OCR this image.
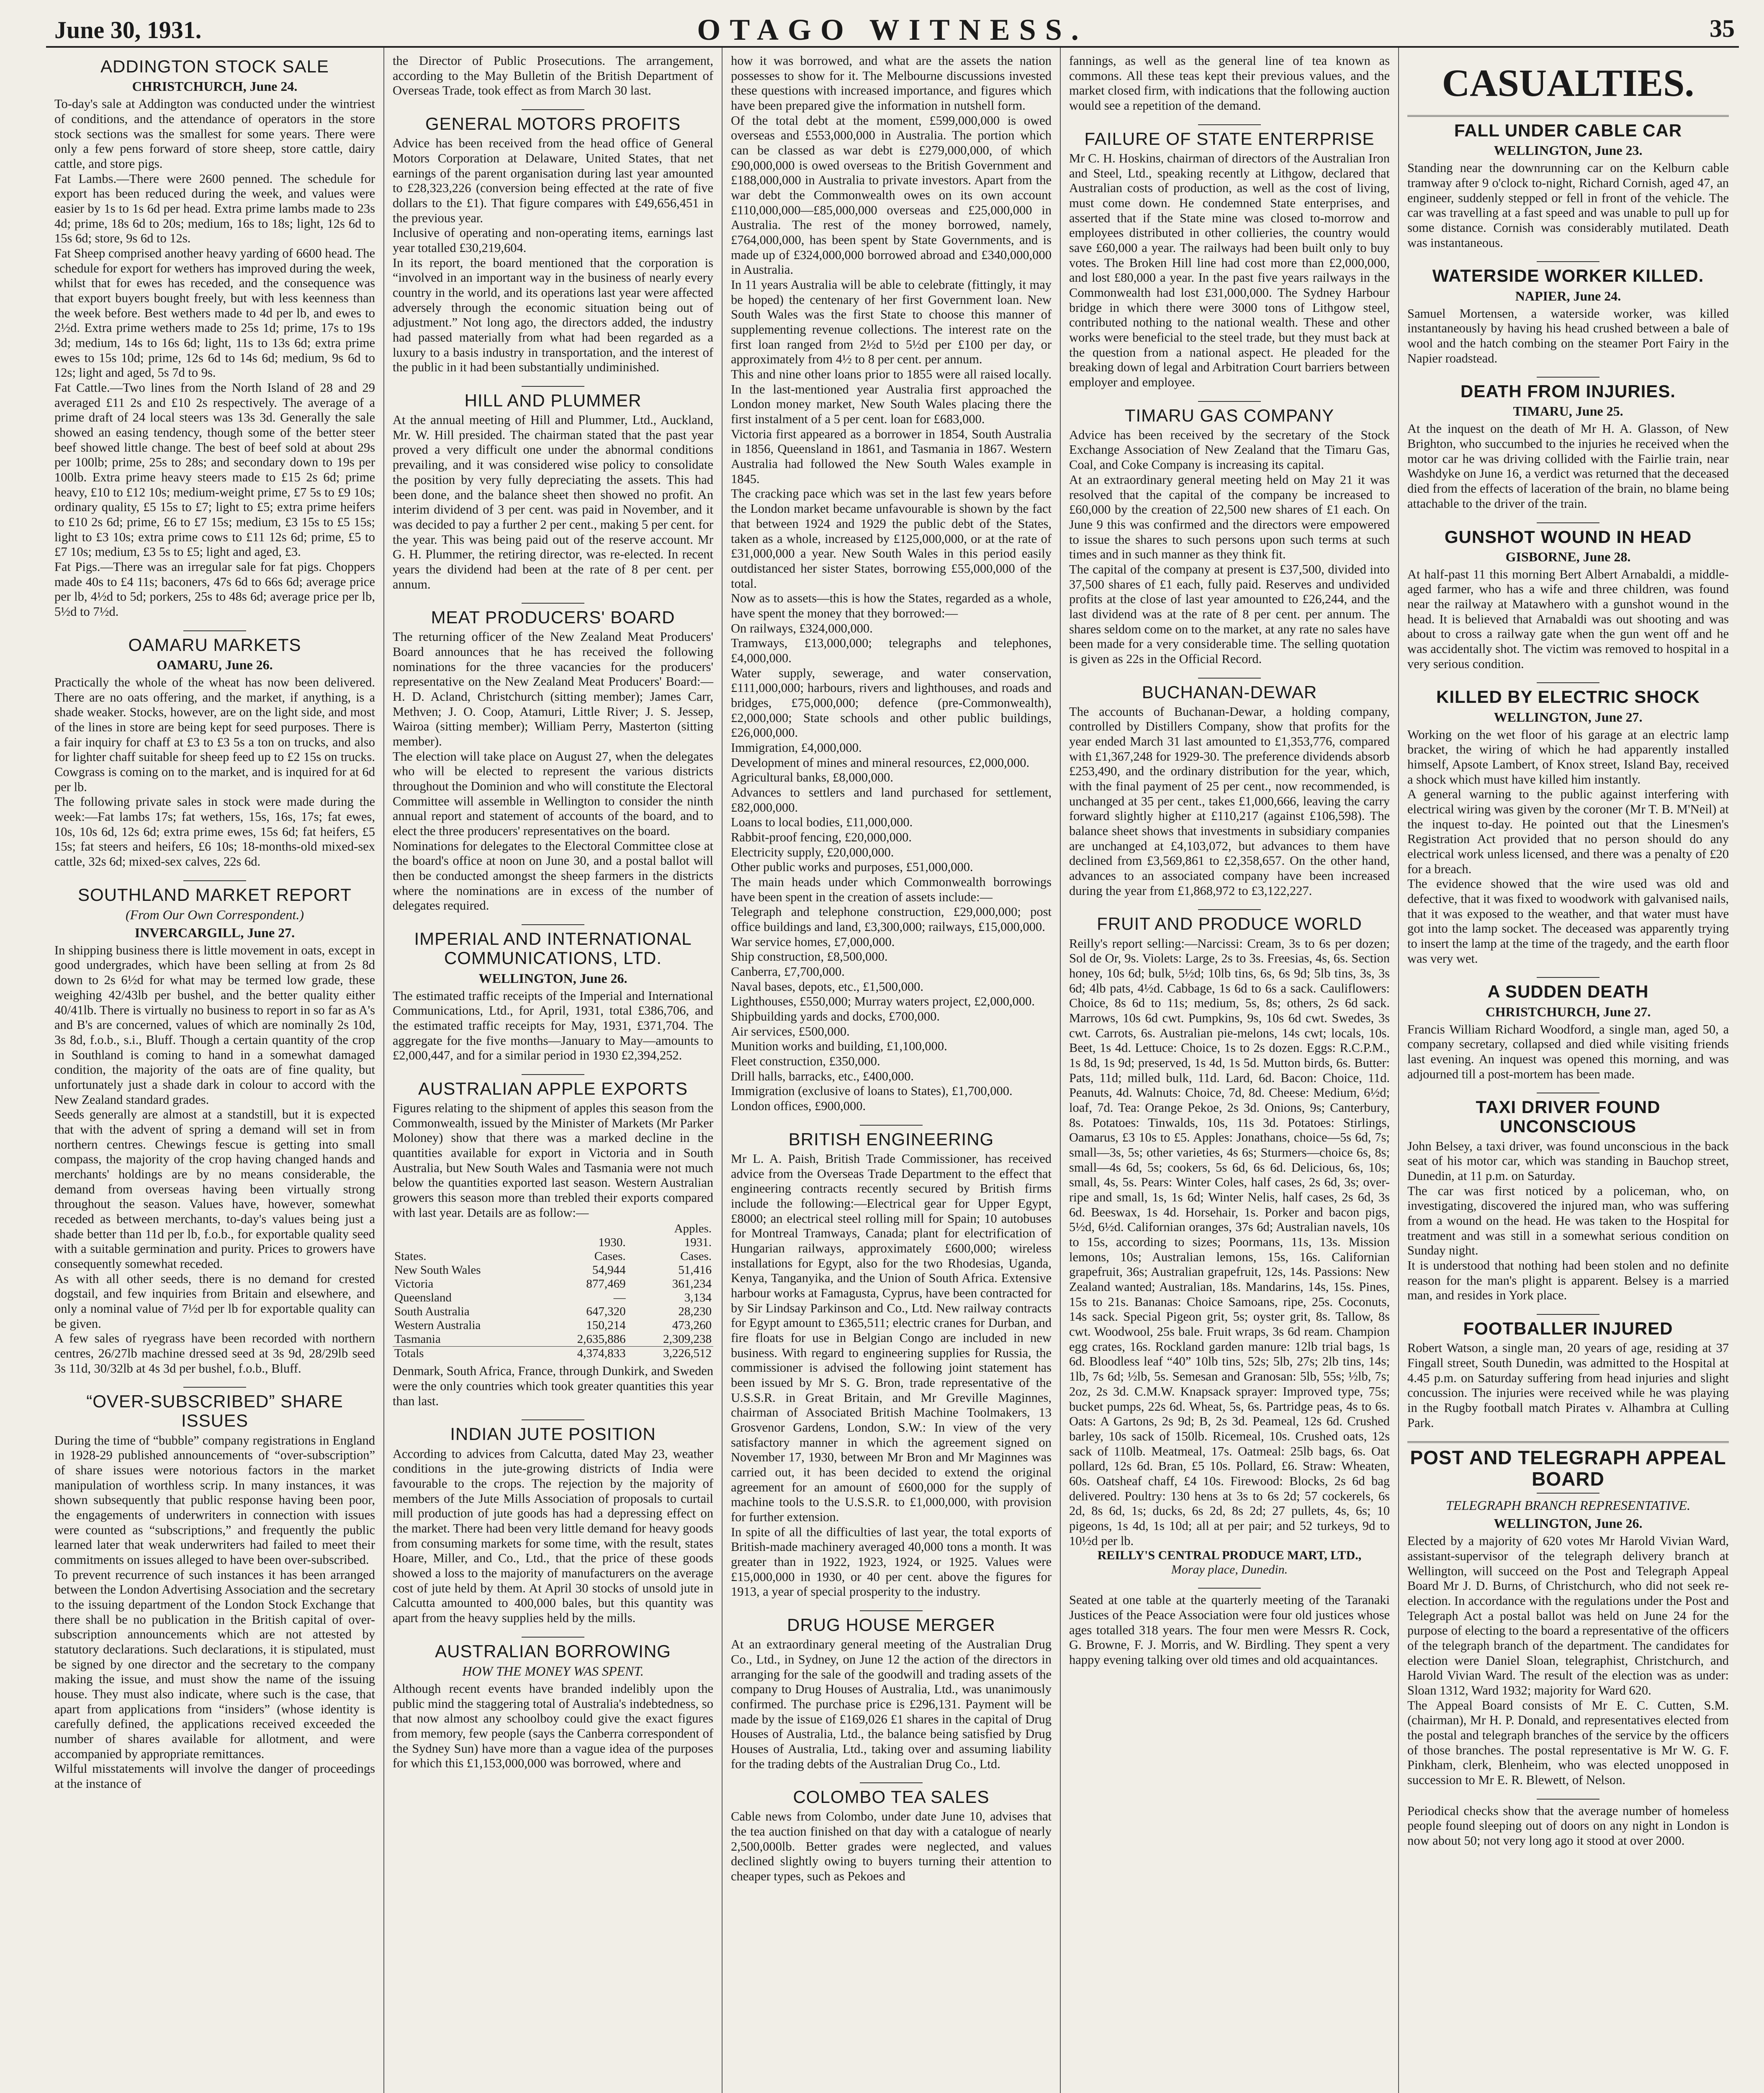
June 30, 1931.	OTAGO WITNESS.	35
ADDINGTON STOCK SALE
CHRISTCHURCH, June 24.
To-day's sale at Addington was conducted under the wintriest of conditions, and the attendance of operators in the store stock sections was the smallest for some years. There were only a few pens forward of store sheep, store cattle, dairy cattle, and store pigs.
Fat Lambs.—There were 2600 penned. The schedule for export has been reduced during the week, and values were easier by 1s to 1s 6d per head. Extra prime lambs made to 23s 4d; prime, 18s 6d to 20s; medium, 16s to 18s; light, 12s 6d to 15s 6d; store, 9s 6d to 12s.
Fat Sheep comprised another heavy yarding of 6600 head. The schedule for export for wethers has improved during the week, whilst that for ewes has receded, and the consequence was that export buyers bought freely, but with less keenness than the week before. Best wethers made to 4d per lb, and ewes to 2½d. Extra prime wethers made to 25s 1d; prime, 17s to 19s 3d; medium, 14s to 16s 6d; light, 11s to 13s 6d; extra prime ewes to 15s 10d; prime, 12s 6d to 14s 6d; medium, 9s 6d to 12s; light and aged, 5s 7d to 9s.
Fat Cattle.—Two lines from the North Island of 28 and 29 averaged £11 2s and £10 2s respectively. The average of a prime draft of 24 local steers was 13s 3d. Generally the sale showed an easing tendency, though some of the better steer beef showed little change. The best of beef sold at about 29s per 100lb; prime, 25s to 28s; and secondary down to 19s per 100lb. Extra prime heavy steers made to £15 2s 6d; prime heavy, £10 to £12 10s; medium-weight prime, £7 5s to £9 10s; ordinary quality, £5 15s to £7; light to £5; extra prime heifers to £10 2s 6d; prime, £6 to £7 15s; medium, £3 15s to £5 15s; light to £3 10s; extra prime cows to £11 12s 6d; prime, £5 to £7 10s; medium, £3 5s to £5; light and aged, £3.
Fat Pigs.—There was an irregular sale for fat pigs. Choppers made 40s to £4 11s; baconers, 47s 6d to 66s 6d; average price per lb, 4½d to 5d; porkers, 25s to 48s 6d; average price per lb, 5½d to 7½d.
OAMARU MARKETS
OAMARU, June 26.
Practically the whole of the wheat has now been delivered. There are no oats offering, and the market, if anything, is a shade weaker. Stocks, however, are on the light side, and most of the lines in store are being kept for seed purposes. There is a fair inquiry for chaff at £3 to £3 5s a ton on trucks, and also for lighter chaff suitable for sheep feed up to £2 15s on trucks. Cowgrass is coming on to the market, and is inquired for at 6d per lb.
The following private sales in stock were made during the week:—Fat lambs 17s; fat wethers, 15s, 16s, 17s; fat ewes, 10s, 10s 6d, 12s 6d; extra prime ewes, 15s 6d; fat heifers, £5 15s; fat steers and heifers, £6 10s; 18-months-old mixed-sex cattle, 32s 6d; mixed-sex calves, 22s 6d.
SOUTHLAND MARKET REPORT
(From Our Own Correspondent.)
INVERCARGILL, June 27.
In shipping business there is little movement in oats, except in good undergrades, which have been selling at from 2s 8d down to 2s 6½d for what may be termed low grade, these weighing 42/43lb per bushel, and the better quality either 40/41lb. There is virtually no business to report in so far as A's and B's are concerned, values of which are nominally 2s 10d, 3s 8d, f.o.b., s.i., Bluff. Though a certain quantity of the crop in Southland is coming to hand in a somewhat damaged condition, the majority of the oats are of fine quality, but unfortunately just a shade dark in colour to accord with the New Zealand standard grades.
Seeds generally are almost at a standstill, but it is expected that with the advent of spring a demand will set in from northern centres. Chewings fescue is getting into small compass, the majority of the crop having changed hands and merchants' holdings are by no means considerable, the demand from overseas having been virtually strong throughout the season. Values have, however, somewhat receded as between merchants, to-day's values being just a shade better than 11d per lb, f.o.b., for exportable quality seed with a suitable germination and purity. Prices to growers have consequently somewhat receded.
As with all other seeds, there is no demand for crested dogstail, and few inquiries from Britain and elsewhere, and only a nominal value of 7½d per lb for exportable quality can be given.
A few sales of ryegrass have been recorded with northern centres, 26/27lb machine dressed seed at 3s 9d, 28/29lb seed 3s 11d, 30/32lb at 4s 3d per bushel, f.o.b., Bluff.
“OVER-SUBSCRIBED” SHARE ISSUES
During the time of “bubble” company registrations in England in 1928-29 published announcements of “over-subscription” of share issues were notorious factors in the market manipulation of worthless scrip. In many instances, it was shown subsequently that public response having been poor, the engagements of underwriters in connection with issues were counted as “subscriptions,” and frequently the public learned later that weak underwriters had failed to meet their commitments on issues alleged to have been over-subscribed.
To prevent recurrence of such instances it has been arranged between the London Advertising Association and the secretary to the issuing department of the London Stock Exchange that there shall be no publication in the British capital of over-subscription announcements which are not attested by statutory declarations. Such declarations, it is stipulated, must be signed by one director and the secretary to the company making the issue, and must show the name of the issuing house. They must also indicate, where such is the case, that apart from applications from “insiders” (whose identity is carefully defined, the applications received exceeded the number of shares available for allotment, and were accompanied by appropriate remittances.
Wilful misstatements will involve the danger of proceedings at the instance of
the Director of Public Prosecutions. The arrangement, according to the May Bulletin of the British Department of Overseas Trade, took effect as from March 30 last.
GENERAL MOTORS PROFITS
Advice has been received from the head office of General Motors Corporation at Delaware, United States, that net earnings of the parent organisation during last year amounted to £28,323,226 (conversion being effected at the rate of five dollars to the £1). That figure compares with £49,656,451 in the previous year.
Inclusive of operating and non-operating items, earnings last year totalled £30,219,604.
In its report, the board mentioned that the corporation is “involved in an important way in the business of nearly every country in the world, and its operations last year were affected adversely through the economic situation being out of adjustment.” Not long ago, the directors added, the industry had passed materially from what had been regarded as a luxury to a basis industry in transportation, and the interest of the public in it had been substantially undiminished.
HILL AND PLUMMER
At the annual meeting of Hill and Plummer, Ltd., Auckland, Mr. W. Hill presided. The chairman stated that the past year proved a very difficult one under the abnormal conditions prevailing, and it was considered wise policy to consolidate the position by very fully depreciating the assets. This had been done, and the balance sheet then showed no profit. An interim dividend of 3 per cent. was paid in November, and it was decided to pay a further 2 per cent., making 5 per cent. for the year. This was being paid out of the reserve account. Mr G. H. Plummer, the retiring director, was re-elected. In recent years the dividend had been at the rate of 8 per cent. per annum.
MEAT PRODUCERS' BOARD
The returning officer of the New Zealand Meat Producers' Board announces that he has received the following nominations for the three vacancies for the producers' representative on the New Zealand Meat Producers' Board:—H. D. Acland, Christchurch (sitting member); James Carr, Methven; J. O. Coop, Atamuri, Little River; J. S. Jessep, Wairoa (sitting member); William Perry, Masterton (sitting member).
The election will take place on August 27, when the delegates who will be elected to represent the various districts throughout the Dominion and who will constitute the Electoral Committee will assemble in Wellington to consider the ninth annual report and statement of accounts of the board, and to elect the three producers' representatives on the board.
Nominations for delegates to the Electoral Committee close at the board's office at noon on June 30, and a postal ballot will then be conducted amongst the sheep farmers in the districts where the nominations are in excess of the number of delegates required.
IMPERIAL AND INTERNATIONAL COMMUNICATIONS, LTD.
WELLINGTON, June 26.
The estimated traffic receipts of the Imperial and International Communications, Ltd., for April, 1931, total £386,706, and the estimated traffic receipts for May, 1931, £371,704. The aggregate for the five months—January to May—amounts to £2,000,447, and for a similar period in 1930 £2,394,252.
AUSTRALIAN APPLE EXPORTS
Figures relating to the shipment of apples this season from the Commonwealth, issued by the Minister of Markets (Mr Parker Moloney) show that there was a marked decline in the quantities available for export in Victoria and in South Australia, but New South Wales and Tasmania were not much below the quantities exported last season. Western Australian growers this season more than trebled their exports compared with last year. Details are as follow:—
		Apples.
	1930.	1931.
States.	Cases.	Cases.
New South Wales	54,944	51,416
Victoria	877,469	361,234
Queensland	—	3,134
South Australia	647,320	28,230
Western Australia	150,214	473,260
Tasmania	2,635,886	2,309,238
Totals	4,374,833	3,226,512
Denmark, South Africa, France, through Dunkirk, and Sweden were the only countries which took greater quantities this year than last.
INDIAN JUTE POSITION
According to advices from Calcutta, dated May 23, weather conditions in the jute-growing districts of India were favourable to the crops. The rejection by the majority of members of the Jute Mills Association of proposals to curtail mill production of jute goods has had a depressing effect on the market. There had been very little demand for heavy goods from consuming markets for some time, with the result, states Hoare, Miller, and Co., Ltd., that the price of these goods showed a loss to the majority of manufacturers on the average cost of jute held by them. At April 30 stocks of unsold jute in Calcutta amounted to 400,000 bales, but this quantity was apart from the heavy supplies held by the mills.
AUSTRALIAN BORROWING
HOW THE MONEY WAS SPENT.
Although recent events have branded indelibly upon the public mind the staggering total of Australia's indebtedness, so that now almost any schoolboy could give the exact figures from memory, few people (says the Canberra correspondent of the Sydney Sun) have more than a vague idea of the purposes for which this £1,153,000,000 was borrowed, where and
how it was borrowed, and what are the assets the nation possesses to show for it. The Melbourne discussions invested these questions with increased importance, and figures which have been prepared give the information in nutshell form.
Of the total debt at the moment, £599,000,000 is owed overseas and £553,000,000 in Australia. The portion which can be classed as war debt is £279,000,000, of which £90,000,000 is owed overseas to the British Government and £188,000,000 in Australia to private investors. Apart from the war debt the Commonwealth owes on its own account £110,000,000—£85,000,000 overseas and £25,000,000 in Australia. The rest of the money borrowed, namely, £764,000,000, has been spent by State Governments, and is made up of £324,000,000 borrowed abroad and £340,000,000 in Australia.
In 11 years Australia will be able to celebrate (fittingly, it may be hoped) the centenary of her first Government loan. New South Wales was the first State to choose this manner of supplementing revenue collections. The interest rate on the first loan ranged from 2½d to 5½d per £100 per day, or approximately from 4½ to 8 per cent. per annum.
This and nine other loans prior to 1855 were all raised locally. In the last-mentioned year Australia first approached the London money market, New South Wales placing there the first instalment of a 5 per cent. loan for £683,000.
Victoria first appeared as a borrower in 1854, South Australia in 1856, Queensland in 1861, and Tasmania in 1867. Western Australia had followed the New South Wales example in 1845.
The cracking pace which was set in the last few years before the London market became unfavourable is shown by the fact that between 1924 and 1929 the public debt of the States, taken as a whole, increased by £125,000,000, or at the rate of £31,000,000 a year. New South Wales in this period easily outdistanced her sister States, borrowing £55,000,000 of the total.
Now as to assets—this is how the States, regarded as a whole, have spent the money that they borrowed:—
On railways, £324,000,000.
Tramways, £13,000,000; telegraphs and telephones, £4,000,000.
Water supply, sewerage, and water conservation, £111,000,000; harbours, rivers and lighthouses, and roads and bridges, £75,000,000; defence (pre-Commonwealth), £2,000,000; State schools and other public buildings, £26,000,000.
Immigration, £4,000,000.
Development of mines and mineral resources, £2,000,000.
Agricultural banks, £8,000,000.
Advances to settlers and land purchased for settlement, £82,000,000.
Loans to local bodies, £11,000,000.
Rabbit-proof fencing, £20,000,000.
Electricity supply, £20,000,000.
Other public works and purposes, £51,000,000.
The main heads under which Commonwealth borrowings have been spent in the creation of assets include:—
Telegraph and telephone construction, £29,000,000; post office buildings and land, £3,300,000; railways, £15,000,000.
War service homes, £7,000,000.
Ship construction, £8,500,000.
Canberra, £7,700,000.
Naval bases, depots, etc., £1,500,000.
Lighthouses, £550,000; Murray waters project, £2,000,000.
Shipbuilding yards and docks, £700,000.
Air services, £500,000.
Munition works and building, £1,100,000.
Fleet construction, £350,000.
Drill halls, barracks, etc., £400,000.
Immigration (exclusive of loans to States), £1,700,000.
London offices, £900,000.
BRITISH ENGINEERING
Mr L. A. Paish, British Trade Commissioner, has received advice from the Overseas Trade Department to the effect that engineering contracts recently secured by British firms include the following:—Electrical gear for Upper Egypt, £8000; an electrical steel rolling mill for Spain; 10 autobuses for Montreal Tramways, Canada; plant for electrification of Hungarian railways, approximately £600,000; wireless installations for Egypt, also for the two Rhodesias, Uganda, Kenya, Tanganyika, and the Union of South Africa. Extensive harbour works at Famagusta, Cyprus, have been contracted for by Sir Lindsay Parkinson and Co., Ltd. New railway contracts for Egypt amount to £365,511; electric cranes for Durban, and fire floats for use in Belgian Congo are included in new business. With regard to engineering supplies for Russia, the commissioner is advised the following joint statement has been issued by Mr S. G. Bron, trade representative of the U.S.S.R. in Great Britain, and Mr Greville Maginnes, chairman of Associated British Machine Toolmakers, 13 Grosvenor Gardens, London, S.W.: In view of the very satisfactory manner in which the agreement signed on November 17, 1930, between Mr Bron and Mr Maginnes was carried out, it has been decided to extend the original agreement for an amount of £600,000 for the supply of machine tools to the U.S.S.R. to £1,000,000, with provision for further extension.
In spite of all the difficulties of last year, the total exports of British-made machinery averaged 40,000 tons a month. It was greater than in 1922, 1923, 1924, or 1925. Values were £15,000,000 in 1930, or 40 per cent. above the figures for 1913, a year of special prosperity to the industry.
DRUG HOUSE MERGER
At an extraordinary general meeting of the Australian Drug Co., Ltd., in Sydney, on June 12 the action of the directors in arranging for the sale of the goodwill and trading assets of the company to Drug Houses of Australia, Ltd., was unanimously confirmed. The purchase price is £296,131. Payment will be made by the issue of £169,026 £1 shares in the capital of Drug Houses of Australia, Ltd., the balance being satisfied by Drug Houses of Australia, Ltd., taking over and assuming liability for the trading debts of the Australian Drug Co., Ltd.
COLOMBO TEA SALES
Cable news from Colombo, under date June 10, advises that the tea auction finished on that day with a catalogue of nearly 2,500,000lb. Better grades were neglected, and values declined slightly owing to buyers turning their attention to cheaper types, such as Pekoes and
fannings, as well as the general line of tea known as commons. All these teas kept their previous values, and the market closed firm, with indications that the following auction would see a repetition of the demand.
FAILURE OF STATE ENTERPRISE
Mr C. H. Hoskins, chairman of directors of the Australian Iron and Steel, Ltd., speaking recently at Lithgow, declared that Australian costs of production, as well as the cost of living, must come down. He condemned State enterprises, and asserted that if the State mine was closed to-morrow and employees distributed in other collieries, the country would save £60,000 a year. The railways had been built only to buy votes. The Broken Hill line had cost more than £2,000,000, and lost £80,000 a year. In the past five years railways in the Commonwealth had lost £31,000,000. The Sydney Harbour bridge in which there were 3000 tons of Lithgow steel, contributed nothing to the national wealth. These and other works were beneficial to the steel trade, but they must back at the question from a national aspect. He pleaded for the breaking down of legal and Arbitration Court barriers between employer and employee.
TIMARU GAS COMPANY
Advice has been received by the secretary of the Stock Exchange Association of New Zealand that the Timaru Gas, Coal, and Coke Company is increasing its capital.
At an extraordinary general meeting held on May 21 it was resolved that the capital of the company be increased to £60,000 by the creation of 22,500 new shares of £1 each. On June 9 this was confirmed and the directors were empowered to issue the shares to such persons upon such terms at such times and in such manner as they think fit.
The capital of the company at present is £37,500, divided into 37,500 shares of £1 each, fully paid. Reserves and undivided profits at the close of last year amounted to £26,244, and the last dividend was at the rate of 8 per cent. per annum. The shares seldom come on to the market, at any rate no sales have been made for a very considerable time. The selling quotation is given as 22s in the Official Record.
BUCHANAN-DEWAR
The accounts of Buchanan-Dewar, a holding company, controlled by Distillers Company, show that profits for the year ended March 31 last amounted to £1,353,776, compared with £1,367,248 for 1929-30. The preference dividends absorb £253,490, and the ordinary distribution for the year, which, with the final payment of 25 per cent., now recommended, is unchanged at 35 per cent., takes £1,000,666, leaving the carry forward slightly higher at £110,217 (against £106,598). The balance sheet shows that investments in subsidiary companies are unchanged at £4,103,072, but advances to them have declined from £3,569,861 to £2,358,657. On the other hand, advances to an associated company have been increased during the year from £1,868,972 to £3,122,227.
FRUIT AND PRODUCE WORLD
Reilly's report selling:—Narcissi: Cream, 3s to 6s per dozen; Sol de Or, 9s. Violets: Large, 2s to 3s. Freesias, 4s, 6s. Section honey, 10s 6d; bulk, 5½d; 10lb tins, 6s, 6s 9d; 5lb tins, 3s, 3s 6d; 4lb pats, 4½d. Cabbage, 1s 6d to 6s a sack. Cauliflowers: Choice, 8s 6d to 11s; medium, 5s, 8s; others, 2s 6d sack. Marrows, 10s 6d cwt. Pumpkins, 9s, 10s 6d cwt. Swedes, 3s cwt. Carrots, 6s. Australian pie-melons, 14s cwt; locals, 10s. Beet, 1s 4d. Lettuce: Choice, 1s to 2s dozen. Eggs: R.C.P.M., 1s 8d, 1s 9d; preserved, 1s 4d, 1s 5d. Mutton birds, 6s. Butter: Pats, 11d; milled bulk, 11d. Lard, 6d. Bacon: Choice, 11d. Peanuts, 4d. Walnuts: Choice, 7d, 8d. Cheese: Medium, 6½d; loaf, 7d. Tea: Orange Pekoe, 2s 3d. Onions, 9s; Canterbury, 8s. Potatoes: Tinwalds, 10s, 11s 3d. Potatoes: Stirlings, Oamarus, £3 10s to £5. Apples: Jonathans, choice—5s 6d, 7s; small—3s, 5s; other varieties, 4s 6s; Sturmers—choice 6s, 8s; small—4s 6d, 5s; cookers, 5s 6d, 6s 6d. Delicious, 6s, 10s; small, 4s, 5s. Pears: Winter Coles, half cases, 2s 6d, 3s; over-ripe and small, 1s, 1s 6d; Winter Nelis, half cases, 2s 6d, 3s 6d. Beeswax, 1s 4d. Horsehair, 1s. Porker and bacon pigs, 5½d, 6½d. Californian oranges, 37s 6d; Australian navels, 10s to 15s, according to sizes; Poormans, 11s, 13s. Mission lemons, 10s; Australian lemons, 15s, 16s. Californian grapefruit, 36s; Australian grapefruit, 12s, 14s. Passions: New Zealand wanted; Australian, 18s. Mandarins, 14s, 15s. Pines, 15s to 21s. Bananas: Choice Samoans, ripe, 25s. Coconuts, 14s sack. Special Pigeon grit, 5s; oyster grit, 8s. Tallow, 8s cwt. Woodwool, 25s bale. Fruit wraps, 3s 6d ream. Champion egg crates, 16s. Rockland garden manure: 12lb trial bags, 1s 6d. Bloodless leaf “40” 10lb tins, 52s; 5lb, 27s; 2lb tins, 14s; 1lb, 7s 6d; ½lb, 5s. Semesan and Granosan: 5lb, 55s; ½lb, 7s; 2oz, 2s 3d. C.M.W. Knapsack sprayer: Improved type, 75s; bucket pumps, 22s 6d. Wheat, 5s, 6s. Partridge peas, 4s to 6s. Oats: A Gartons, 2s 9d; B, 2s 3d. Peameal, 12s 6d. Crushed barley, 10s sack of 150lb. Ricemeal, 10s. Crushed oats, 12s sack of 110lb. Meatmeal, 17s. Oatmeal: 25lb bags, 6s. Oat pollard, 12s 6d. Bran, £5 10s. Pollard, £6. Straw: Wheaten, 60s. Oatsheaf chaff, £4 10s. Firewood: Blocks, 2s 6d bag delivered. Poultry: 130 hens at 3s to 6s 2d; 57 cockerels, 6s 2d, 8s 6d, 1s; ducks, 6s 2d, 8s 2d; 27 pullets, 4s, 6s; 10 pigeons, 1s 4d, 1s 10d; all at per pair; and 52 turkeys, 9d to 10½d per lb.
REILLY'S CENTRAL PRODUCE MART, LTD.,
Moray place, Dunedin.
Seated at one table at the quarterly meeting of the Taranaki Justices of the Peace Association were four old justices whose ages totalled 318 years. The four men were Messrs R. Cock, G. Browne, F. J. Morris, and W. Birdling. They spent a very happy evening talking over old times and old acquaintances.
CASUALTIES.
FALL UNDER CABLE CAR
WELLINGTON, June 23.
Standing near the downrunning car on the Kelburn cable tramway after 9 o'clock to-night, Richard Cornish, aged 47, an engineer, suddenly stepped or fell in front of the vehicle. The car was travelling at a fast speed and was unable to pull up for some distance. Cornish was considerably mutilated. Death was instantaneous.
WATERSIDE WORKER KILLED.
NAPIER, June 24.
Samuel Mortensen, a waterside worker, was killed instantaneously by having his head crushed between a bale of wool and the hatch combing on the steamer Port Fairy in the Napier roadstead.
DEATH FROM INJURIES.
TIMARU, June 25.
At the inquest on the death of Mr H. A. Glasson, of New Brighton, who succumbed to the injuries he received when the motor car he was driving collided with the Fairlie train, near Washdyke on June 16, a verdict was returned that the deceased died from the effects of laceration of the brain, no blame being attachable to the driver of the train.
GUNSHOT WOUND IN HEAD
GISBORNE, June 28.
At half-past 11 this morning Bert Albert Arnabaldi, a middle-aged farmer, who has a wife and three children, was found near the railway at Matawhero with a gunshot wound in the head. It is believed that Arnabaldi was out shooting and was about to cross a railway gate when the gun went off and he was accidentally shot. The victim was removed to hospital in a very serious condition.
KILLED BY ELECTRIC SHOCK
WELLINGTON, June 27.
Working on the wet floor of his garage at an electric lamp bracket, the wiring of which he had apparently installed himself, Apsote Lambert, of Knox street, Island Bay, received a shock which must have killed him instantly.
A general warning to the public against interfering with electrical wiring was given by the coroner (Mr T. B. M'Neil) at the inquest to-day. He pointed out that the Linesmen's Registration Act provided that no person should do any electrical work unless licensed, and there was a penalty of £20 for a breach.
The evidence showed that the wire used was old and defective, that it was fixed to woodwork with galvanised nails, that it was exposed to the weather, and that water must have got into the lamp socket. The deceased was apparently trying to insert the lamp at the time of the tragedy, and the earth floor was very wet.
A SUDDEN DEATH
CHRISTCHURCH, June 27.
Francis William Richard Woodford, a single man, aged 50, a company secretary, collapsed and died while visiting friends last evening. An inquest was opened this morning, and was adjourned till a post-mortem has been made.
TAXI DRIVER FOUND UNCONSCIOUS
John Belsey, a taxi driver, was found unconscious in the back seat of his motor car, which was standing in Bauchop street, Dunedin, at 11 p.m. on Saturday.
The car was first noticed by a policeman, who, on investigating, discovered the injured man, who was suffering from a wound on the head. He was taken to the Hospital for treatment and was still in a somewhat serious condition on Sunday night.
It is understood that nothing had been stolen and no definite reason for the man's plight is apparent. Belsey is a married man, and resides in York place.
FOOTBALLER INJURED
Robert Watson, a single man, 20 years of age, residing at 37 Fingall street, South Dunedin, was admitted to the Hospital at 4.45 p.m. on Saturday suffering from head injuries and slight concussion. The injuries were received while he was playing in the Rugby football match Pirates v. Alhambra at Culling Park.
POST AND TELEGRAPH APPEAL BOARD
TELEGRAPH BRANCH REPRESENTATIVE.
WELLINGTON, June 26.
Elected by a majority of 620 votes Mr Harold Vivian Ward, assistant-supervisor of the telegraph delivery branch at Wellington, will succeed on the Post and Telegraph Appeal Board Mr J. D. Burns, of Christchurch, who did not seek re-election. In accordance with the regulations under the Post and Telegraph Act a postal ballot was held on June 24 for the purpose of electing to the board a representative of the officers of the telegraph branch of the department. The candidates for election were Daniel Sloan, telegraphist, Christchurch, and Harold Vivian Ward. The result of the election was as under: Sloan 1312, Ward 1932; majority for Ward 620.
The Appeal Board consists of Mr E. C. Cutten, S.M. (chairman), Mr H. P. Donald, and representatives elected from the postal and telegraph branches of the service by the officers of those branches. The postal representative is Mr W. G. F. Pinkham, clerk, Blenheim, who was elected unopposed in succession to Mr E. R. Blewett, of Nelson.
Periodical checks show that the average number of homeless people found sleeping out of doors on any night in London is now about 50; not very long ago it stood at over 2000.
